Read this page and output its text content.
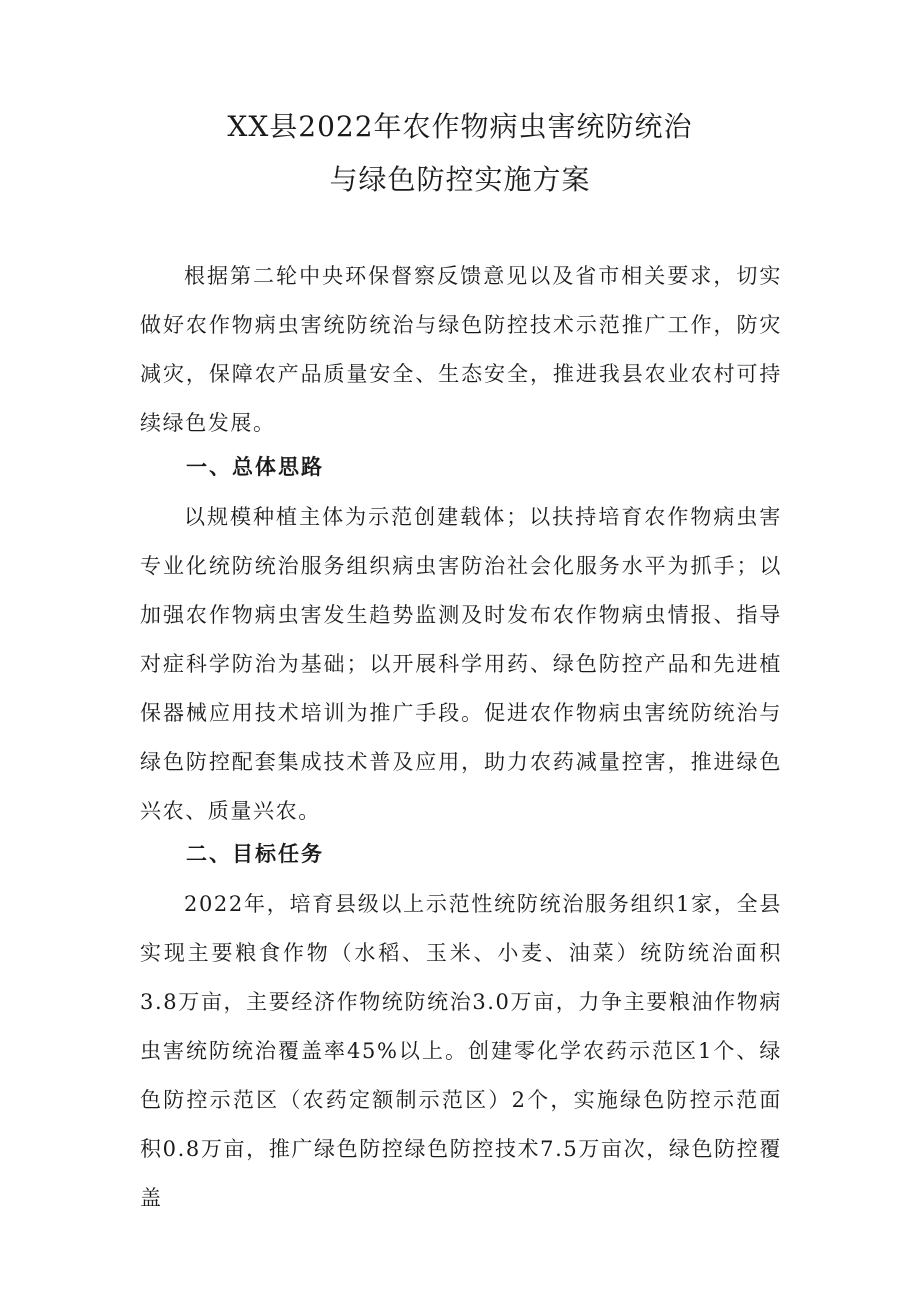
XX县2022年农作物病虫害统防统治
与绿色防控实施方案

根据第二轮中央环保督察反馈意见以及省市相关要求，切实做好农作物病虫害统防统治与绿色防控技术示范推广工作，防灾减灾，保障农产品质量安全、生态安全，推进我县农业农村可持续绿色发展。

一、总体思路

以规模种植主体为示范创建载体；以扶持培育农作物病虫害专业化统防统治服务组织病虫害防治社会化服务水平为抓手；以加强农作物病虫害发生趋势监测及时发布农作物病虫情报、指导对症科学防治为基础；以开展科学用药、绿色防控产品和先进植保器械应用技术培训为推广手段。促进农作物病虫害统防统治与绿色防控配套集成技术普及应用，助力农药减量控害，推进绿色兴农、质量兴农。

二、目标任务

2022年，培育县级以上示范性统防统治服务组织1家，全县实现主要粮食作物（水稻、玉米、小麦、油菜）统防统治面积3.8万亩，主要经济作物统防统治3.0万亩，力争主要粮油作物病虫害统防统治覆盖率45%以上。创建零化学农药示范区1个、绿色防控示范区（农药定额制示范区）2个，实施绿色防控示范面积0.8万亩，推广绿色防控绿色防控技术7.5万亩次，绿色防控覆盖
